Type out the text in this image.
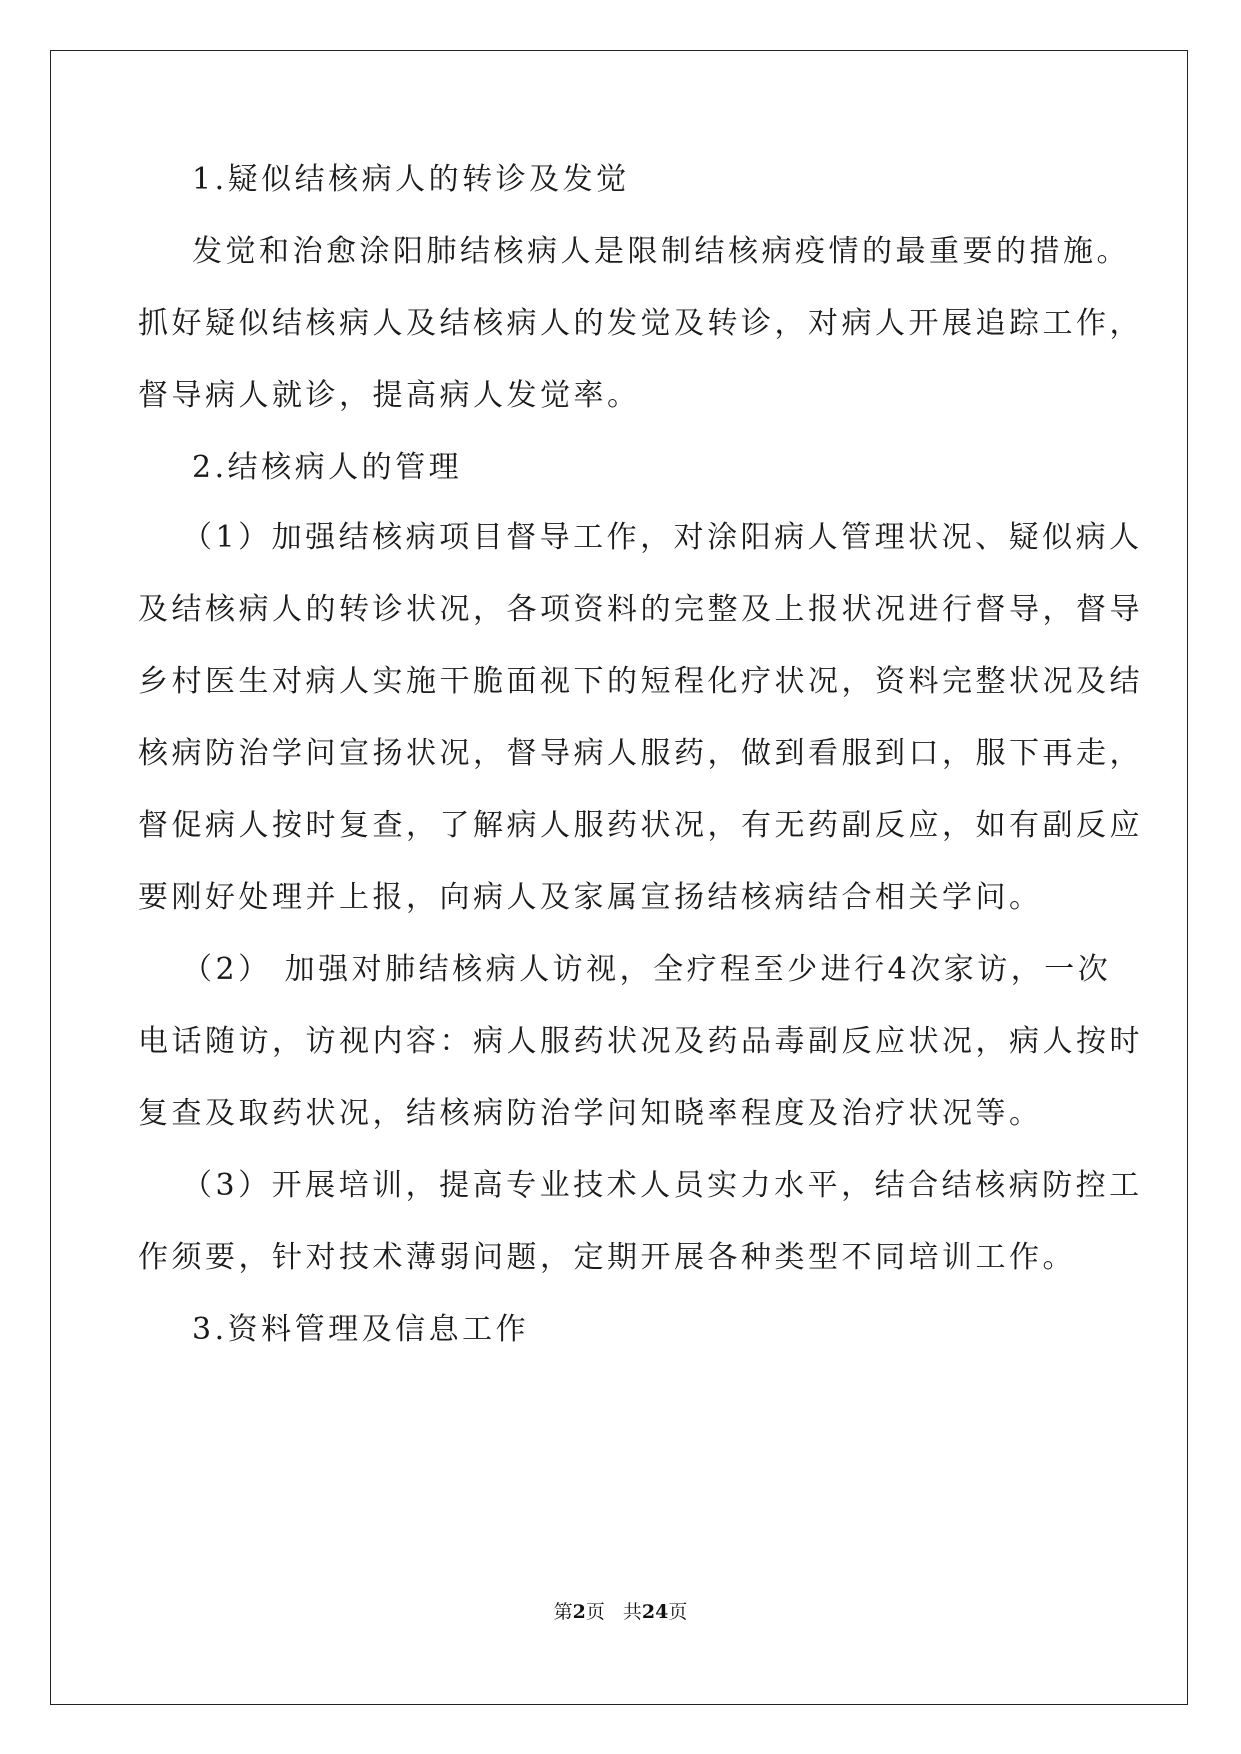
1.疑似结核病人的转诊及发觉
发觉和治愈涂阳肺结核病人是限制结核病疫情的最重要的措施。
抓好疑似结核病人及结核病人的发觉及转诊，对病人开展追踪工作，
督导病人就诊，提高病人发觉率。
2.结核病人的管理
（1）加强结核病项目督导工作，对涂阳病人管理状况、疑似病人
及结核病人的转诊状况，各项资料的完整及上报状况进行督导，督导
乡村医生对病人实施干脆面视下的短程化疗状况，资料完整状况及结
核病防治学问宣扬状况，督导病人服药，做到看服到口，服下再走，
督促病人按时复查，了解病人服药状况，有无药副反应，如有副反应
要刚好处理并上报，向病人及家属宣扬结核病结合相关学问。
（2） 加强对肺结核病人访视，全疗程至少进行4次家访，一次
电话随访，访视内容：病人服药状况及药品毒副反应状况，病人按时
复查及取药状况，结核病防治学问知晓率程度及治疗状况等。
（3）开展培训，提高专业技术人员实力水平，结合结核病防控工
作须要，针对技术薄弱问题，定期开展各种类型不同培训工作。
3.资料管理及信息工作
第2页 共24页
